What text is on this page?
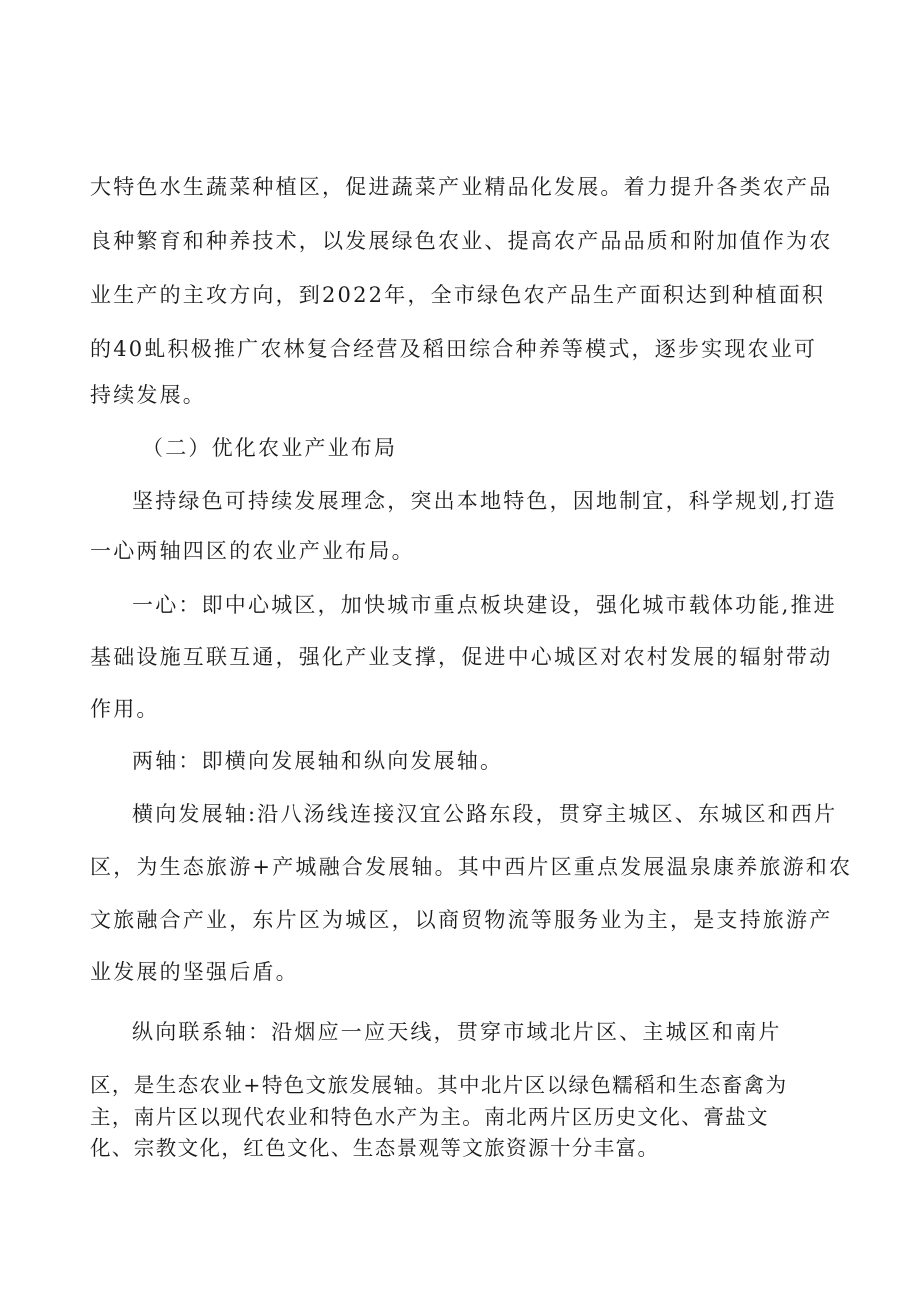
大特色水生蔬菜种植区，促进蔬菜产业精品化发展。着力提升各类农产品
良种繁育和种养技术，以发展绿色农业、提高农产品品质和附加值作为农
业生产的主攻方向，到2022年，全市绿色农产品生产面积达到种植面积
的40虬积极推广农林复合经营及稻田综合种养等模式，逐步实现农业可
持续发展。
（二）优化农业产业布局
坚持绿色可持续发展理念，突出本地特色，因地制宜，科学规划,打造
一心两轴四区的农业产业布局。
一心：即中心城区，加快城市重点板块建设，强化城市载体功能,推进
基础设施互联互通，强化产业支撑，促进中心城区对农村发展的辐射带动
作用。
两轴：即横向发展轴和纵向发展轴。
横向发展轴:沿八汤线连接汉宜公路东段，贯穿主城区、东城区和西片
区，为生态旅游+产城融合发展轴。其中西片区重点发展温泉康养旅游和农
文旅融合产业，东片区为城区，以商贸物流等服务业为主，是支持旅游产
业发展的坚强后盾。
纵向联系轴：沿烟应一应天线，贯穿市域北片区、主城区和南片
区，是生态农业+特色文旅发展轴。其中北片区以绿色糯稻和生态畜禽为
主，南片区以现代农业和特色水产为主。南北两片区历史文化、膏盐文
化、宗教文化，红色文化、生态景观等文旅资源十分丰富。
